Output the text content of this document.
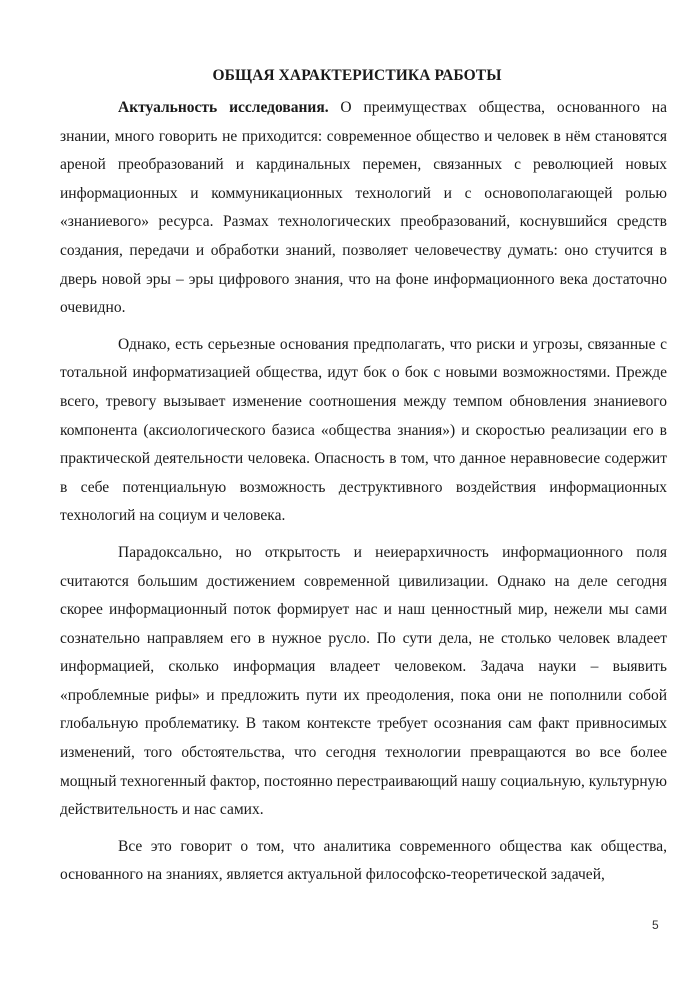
ОБЩАЯ ХАРАКТЕРИСТИКА РАБОТЫ

Актуальность исследования. О преимуществах общества, основанного на знании, много говорить не приходится: современное общество и человек в нём становятся ареной преобразований и кардинальных перемен, связанных с революцией новых информационных и коммуникационных технологий и с основополагающей ролью «знаниевого» ресурса. Размах технологических преобразований, коснувшийся средств создания, передачи и обработки знаний, позволяет человечеству думать: оно стучится в дверь новой эры – эры цифрового знания, что на фоне информационного века достаточно очевидно.

Однако, есть серьезные основания предполагать, что риски и угрозы, связанные с тотальной информатизацией общества, идут бок о бок с новыми возможностями. Прежде всего, тревогу вызывает изменение соотношения между темпом обновления знаниевого компонента (аксиологического базиса «общества знания») и скоростью реализации его в практической деятельности человека. Опасность в том, что данное неравновесие содержит в себе потенциальную возможность деструктивного воздействия информационных технологий на социум и человека.

Парадоксально, но открытость и неиерархичность информационного поля считаются большим достижением современной цивилизации. Однако на деле сегодня скорее информационный поток формирует нас и наш ценностный мир, нежели мы сами сознательно направляем его в нужное русло. По сути дела, не столько человек владеет информацией, сколько информация владеет человеком. Задача науки – выявить «проблемные рифы» и предложить пути их преодоления, пока они не пополнили собой глобальную проблематику. В таком контексте требует осознания сам факт привносимых изменений, того обстоятельства, что сегодня технологии превращаются во все более мощный техногенный фактор, постоянно перестраивающий нашу социальную, культурную действительность и нас самих.

Все это говорит о том, что аналитика современного общества как общества, основанного на знаниях, является актуальной философско-теоретической задачей,

5
